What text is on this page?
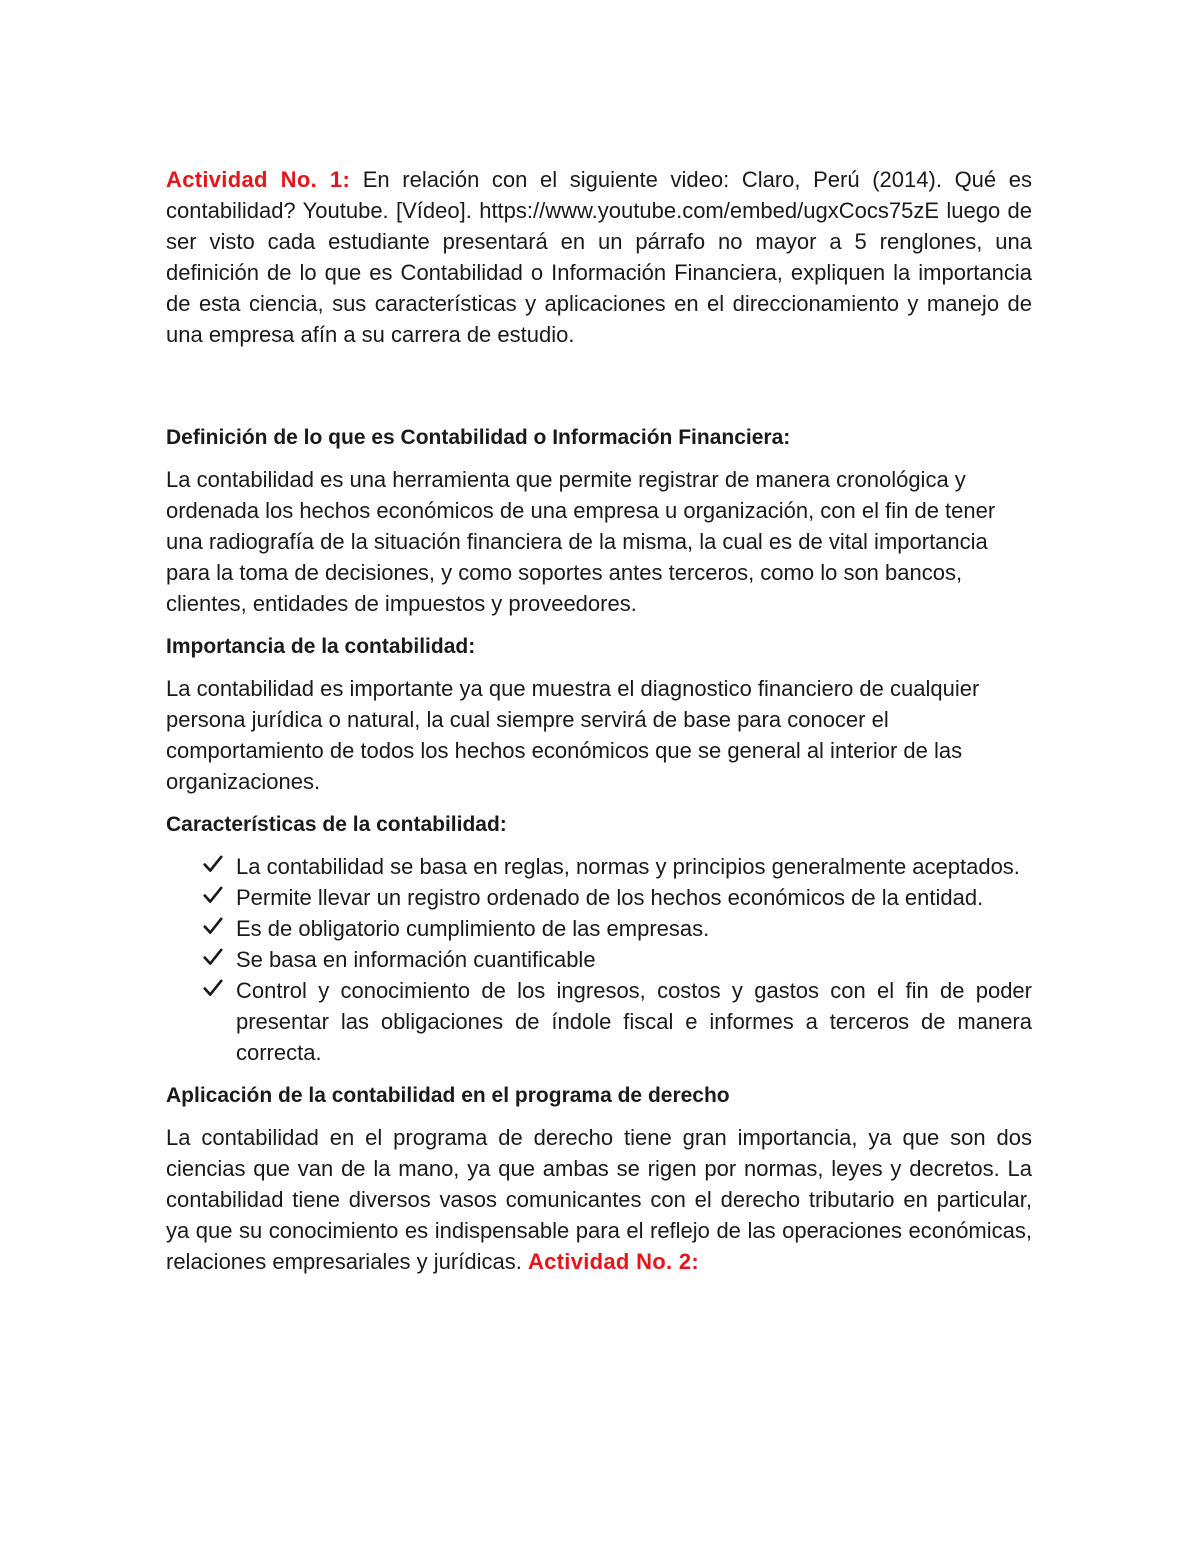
Actividad No. 1: En relación con el siguiente video: Claro, Perú (2014). Qué es contabilidad? Youtube. [Vídeo]. https://www.youtube.com/embed/ugxCocs75zE luego de ser visto cada estudiante presentará en un párrafo no mayor a 5 renglones, una definición de lo que es Contabilidad o Información Financiera, expliquen la importancia de esta ciencia, sus características y aplicaciones en el direccionamiento y manejo de una empresa afín a su carrera de estudio.

Definición de lo que es Contabilidad o Información Financiera:

La contabilidad es una herramienta que permite registrar de manera cronológica y ordenada los hechos económicos de una empresa u organización, con el fin de tener una radiografía de la situación financiera de la misma, la cual es de vital importancia para la toma de decisiones, y como soportes antes terceros, como lo son bancos, clientes, entidades de impuestos y proveedores.

Importancia de la contabilidad:

La contabilidad es importante ya que muestra el diagnostico financiero de cualquier persona jurídica o natural, la cual siempre servirá de base para conocer el comportamiento de todos los hechos económicos que se general al interior de las organizaciones.

Características de la contabilidad:
La contabilidad se basa en reglas, normas y principios generalmente aceptados.
Permite llevar un registro ordenado de los hechos económicos de la entidad.
Es de obligatorio cumplimiento de las empresas.
Se basa en información cuantificable
Control y conocimiento de los ingresos, costos y gastos con el fin de poder presentar las obligaciones de índole fiscal e informes a terceros de manera correcta.
Aplicación de la contabilidad en el programa de derecho

La contabilidad en el programa de derecho tiene gran importancia, ya que son dos ciencias que van de la mano, ya que ambas se rigen por normas, leyes y decretos. La contabilidad tiene diversos vasos comunicantes con el derecho tributario en particular, ya que su conocimiento es indispensable para el reflejo de las operaciones económicas, relaciones empresariales y jurídicas. Actividad No. 2:
